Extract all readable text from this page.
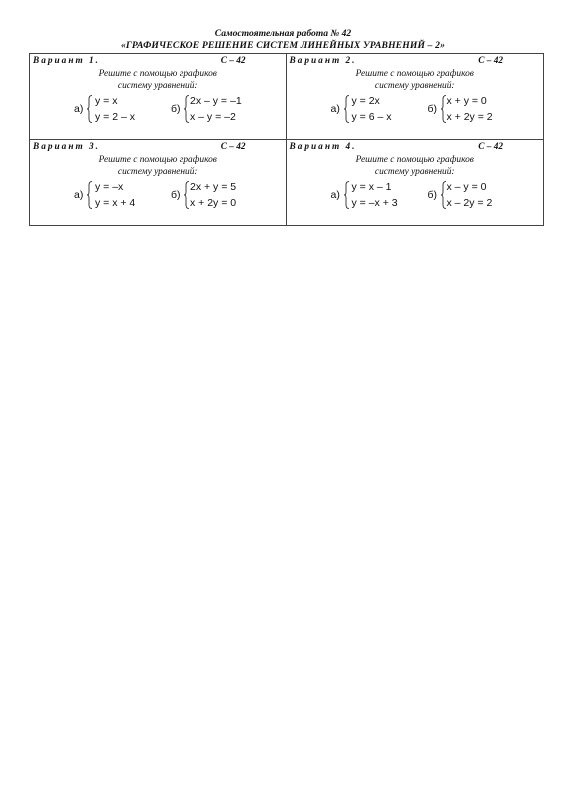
Самостоятельная работа № 42
«ГРАФИЧЕСКОЕ РЕШЕНИЕ СИСТЕМ ЛИНЕЙНЫХ УРАВНЕНИЙ – 2»
Вариант 1.	С – 42
Решите с помощью графиков
систему уравнений:
а)
y = x
y = 2 – x
б)
2x – y = –1
x – y = –2
Вариант 2.	С – 42
Решите с помощью графиков
систему уравнений:
а)
y = 2x
y = 6 – x
б)
x + y = 0
x + 2y = 2
Вариант 3.	С – 42
Решите с помощью графиков
систему уравнений:
а)
y = –x
y = x + 4
б)
2x + y = 5
x + 2y = 0
Вариант 4.	С – 42
Решите с помощью графиков
систему уравнений:
а)
y = x – 1
y = –x + 3
б)
x – y = 0
x – 2y = 2
